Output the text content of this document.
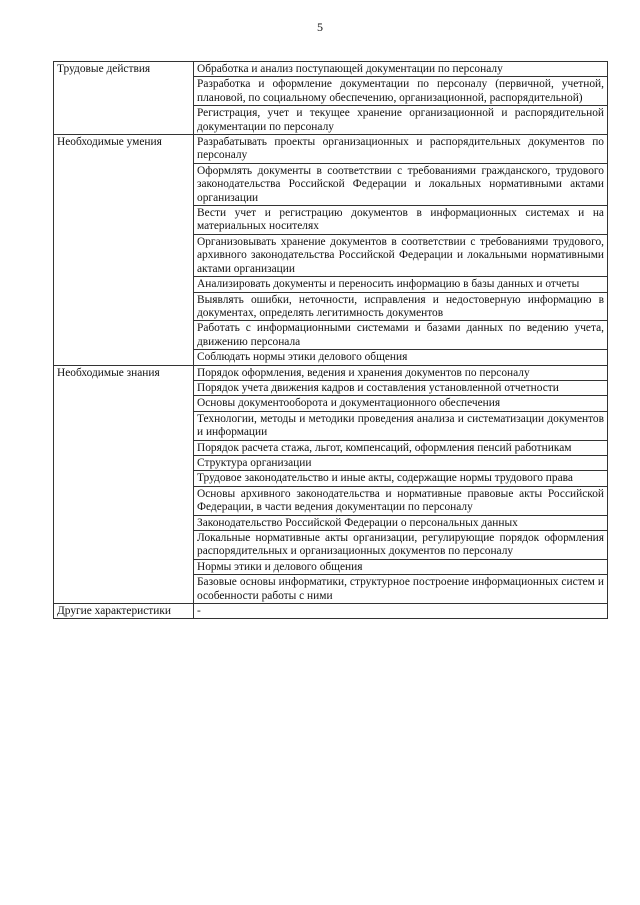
5
Трудовые действия	Обработка и анализ поступающей документации по персоналу
	Разработка и оформление документации по персоналу (первичной, учетной, плановой, по социальному обеспечению, организационной, распорядительной)
	Регистрация, учет и текущее хранение организационной и распорядительной документации по персоналу

Необходимые умения	Разрабатывать проекты организационных и распорядительных документов по персоналу
	Оформлять документы в соответствии с требованиями гражданского, трудового законодательства Российской Федерации и локальных нормативными актами организации
	Вести учет и регистрацию документов в информационных системах и на материальных носителях
	Организовывать хранение документов в соответствии с требованиями трудового, архивного законодательства Российской Федерации и локальными нормативными актами организации
	Анализировать документы и переносить информацию в базы данных и отчеты
	Выявлять ошибки, неточности, исправления и недостоверную информацию в документах, определять легитимность документов
	Работать с информационными системами и базами данных по ведению учета, движению персонала
	Соблюдать нормы этики делового общения

Необходимые знания	Порядок оформления, ведения и хранения документов по персоналу
	Порядок учета движения кадров и составления установленной отчетности
	Основы документооборота и документационного обеспечения
	Технологии, методы и методики проведения анализа и систематизации документов и информации
	Порядок расчета стажа, льгот, компенсаций, оформления пенсий работникам
	Структура организации
	Трудовое законодательство и иные акты, содержащие нормы трудового права
	Основы архивного законодательства и нормативные правовые акты Российской Федерации, в части ведения документации по персоналу
	Законодательство Российской Федерации о персональных данных
	Локальные нормативные акты организации, регулирующие порядок оформления распорядительных и организационных документов по персоналу
	Нормы этики и делового общения
	Базовые основы информатики, структурное построение информационных систем и особенности работы с ними

Другие характеристики	-
